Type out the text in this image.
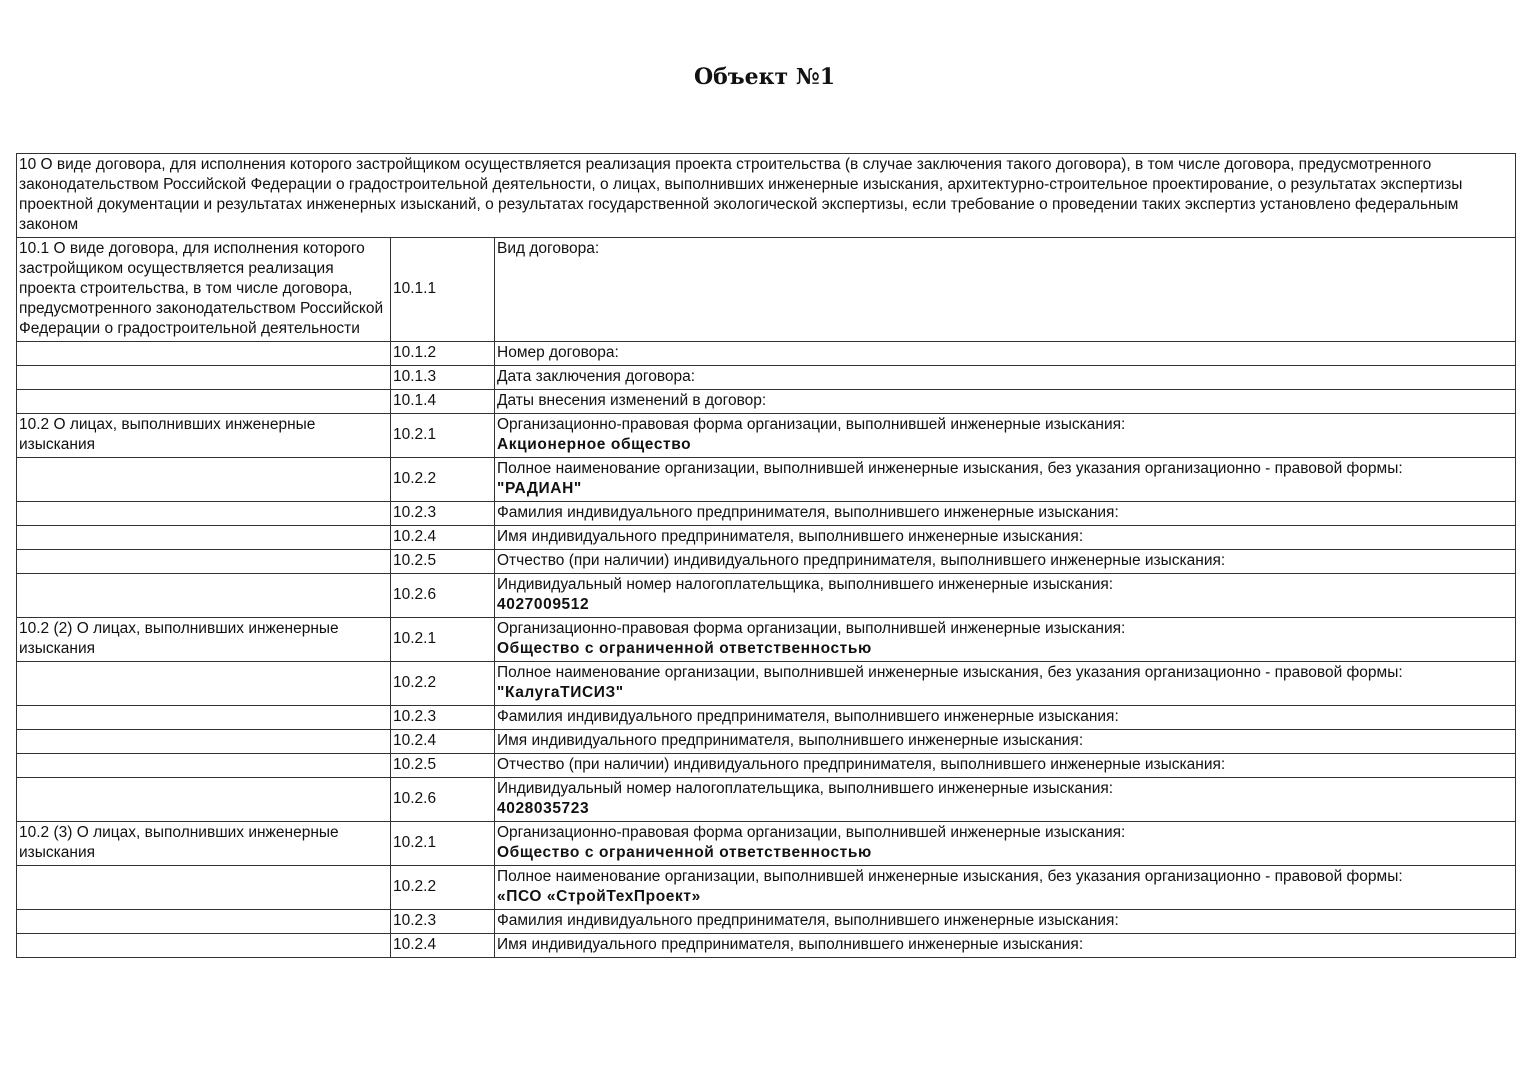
Объект №1
10 О виде договора, для исполнения которого застройщиком осуществляется реализация проекта строительства (в случае заключения такого договора), в том числе договора, предусмотренного законодательством Российской Федерации о градостроительной деятельности, о лицах, выполнивших инженерные изыскания, архитектурно-строительное проектирование, о результатах экспертизы проектной документации и результатах инженерных изысканий, о результатах государственной экологической экспертизы, если требование о проведении таких экспертиз установлено федеральным законом		
10.1 О виде договора, для исполнения которого застройщиком осуществляется реализация проекта строительства, в том числе договора, предусмотренного законодательством Российской Федерации о градостроительной деятельности	10.1.1	Вид договора:

	10.1.2	Номер договора:

	10.1.3	Дата заключения договора:

	10.1.4	Даты внесения изменений в договор:

10.2 О лицах, выполнивших инженерные изыскания	10.2.1	Организационно-правовая форма организации, выполнившей инженерные изыскания:
Акционерное общество

	10.2.2	Полное наименование организации, выполнившей инженерные изыскания, без указания организационно - правовой формы:
"РАДИАН"

	10.2.3	Фамилия индивидуального предпринимателя, выполнившего инженерные изыскания:

	10.2.4	Имя индивидуального предпринимателя, выполнившего инженерные изыскания:

	10.2.5	Отчество (при наличии) индивидуального предпринимателя, выполнившего инженерные изыскания:

	10.2.6	Индивидуальный номер налогоплательщика, выполнившего инженерные изыскания:
4027009512

10.2 (2) О лицах, выполнивших инженерные изыскания	10.2.1	Организационно-правовая форма организации, выполнившей инженерные изыскания:
Общество с ограниченной ответственностью

	10.2.2	Полное наименование организации, выполнившей инженерные изыскания, без указания организационно - правовой формы:
"КалугаТИСИЗ"

	10.2.3	Фамилия индивидуального предпринимателя, выполнившего инженерные изыскания:

	10.2.4	Имя индивидуального предпринимателя, выполнившего инженерные изыскания:

	10.2.5	Отчество (при наличии) индивидуального предпринимателя, выполнившего инженерные изыскания:

	10.2.6	Индивидуальный номер налогоплательщика, выполнившего инженерные изыскания:
4028035723

10.2 (3) О лицах, выполнивших инженерные изыскания	10.2.1	Организационно-правовая форма организации, выполнившей инженерные изыскания:
Общество с ограниченной ответственностью

	10.2.2	Полное наименование организации, выполнившей инженерные изыскания, без указания организационно - правовой формы:
«ПСО «СтройТехПроект»

	10.2.3	Фамилия индивидуального предпринимателя, выполнившего инженерные изыскания:

	10.2.4	Имя индивидуального предпринимателя, выполнившего инженерные изыскания:
